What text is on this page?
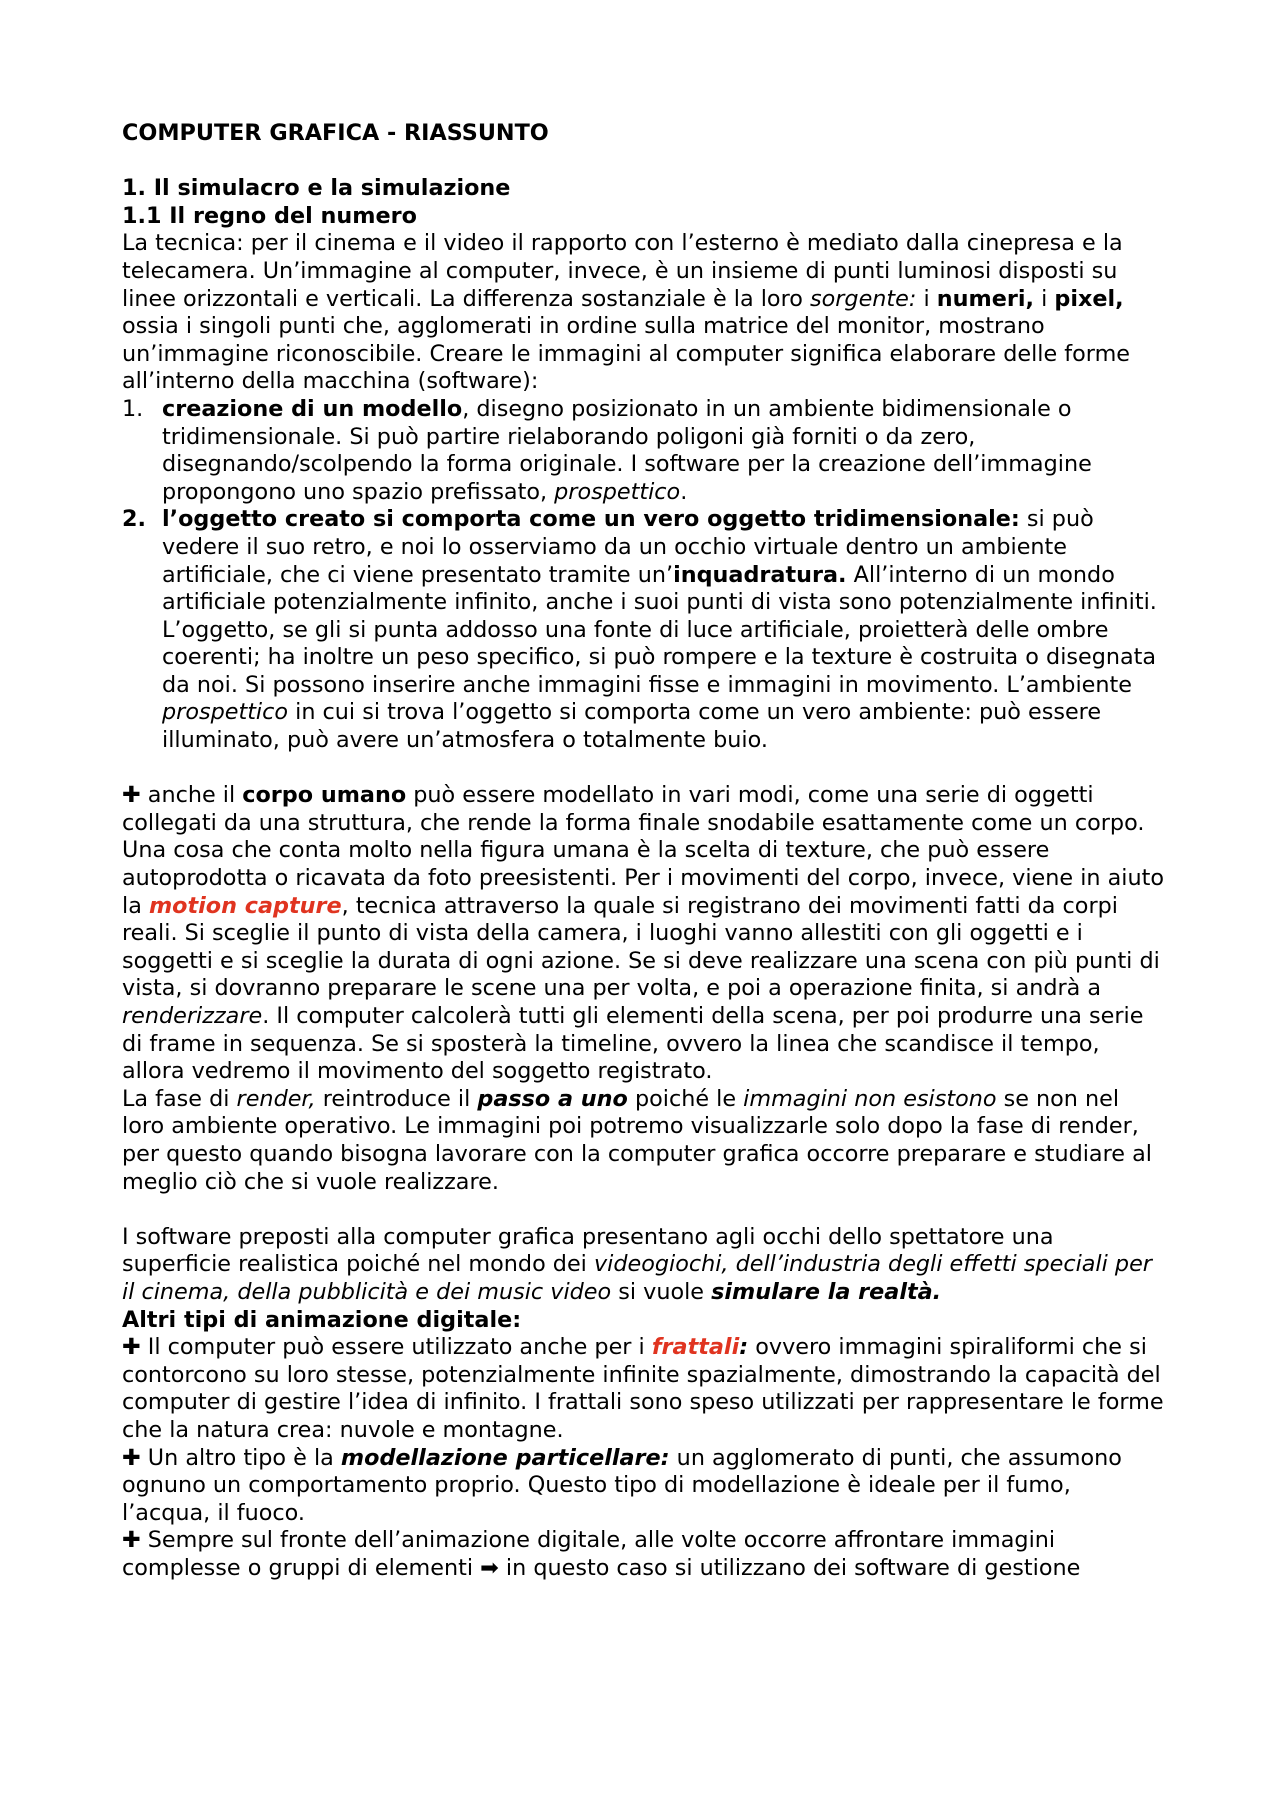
COMPUTER GRAFICA - RIASSUNTO

1. Il simulacro e la simulazione

1.1 Il regno del numero

La tecnica: per il cinema e il video il rapporto con l’esterno è mediato dalla cinepresa e la telecamera. Un’immagine al computer, invece, è un insieme di punti luminosi disposti su linee orizzontali e verticali. La differenza sostanziale è la loro sorgente: i numeri, i pixel, ossia i singoli punti che, agglomerati in ordine sulla matrice del monitor, mostrano un’immagine riconoscibile. Creare le immagini al computer significa elaborare delle forme all’interno della macchina (software):

1. creazione di un modello, disegno posizionato in un ambiente bidimensionale o tridimensionale. Si può partire rielaborando poligoni già forniti o da zero, disegnando/scolpendo la forma originale. I software per la creazione dell’immagine propongono uno spazio prefissato, prospettico.
2. l’oggetto creato si comporta come un vero oggetto tridimensionale: si può vedere il suo retro, e noi lo osserviamo da un occhio virtuale dentro un ambiente artificiale, che ci viene presentato tramite un’inquadratura. All’interno di un mondo artificiale potenzialmente infinito, anche i suoi punti di vista sono potenzialmente infiniti. L’oggetto, se gli si punta addosso una fonte di luce artificiale, proietterà delle ombre coerenti; ha inoltre un peso specifico, si può rompere e la texture è costruita o disegnata da noi. Si possono inserire anche immagini fisse e immagini in movimento. L’ambiente prospettico in cui si trova l’oggetto si comporta come un vero ambiente: può essere illuminato, può avere un’atmosfera o totalmente buio.

✚ anche il corpo umano può essere modellato in vari modi, come una serie di oggetti collegati da una struttura, che rende la forma finale snodabile esattamente come un corpo. Una cosa che conta molto nella figura umana è la scelta di texture, che può essere autoprodotta o ricavata da foto preesistenti. Per i movimenti del corpo, invece, viene in aiuto la motion capture, tecnica attraverso la quale si registrano dei movimenti fatti da corpi reali. Si sceglie il punto di vista della camera, i luoghi vanno allestiti con gli oggetti e i soggetti e si sceglie la durata di ogni azione. Se si deve realizzare una scena con più punti di vista, si dovranno preparare le scene una per volta, e poi a operazione finita, si andrà a renderizzare. Il computer calcolerà tutti gli elementi della scena, per poi produrre una serie di frame in sequenza. Se si sposterà la timeline, ovvero la linea che scandisce il tempo, allora vedremo il movimento del soggetto registrato.

La fase di render, reintroduce il passo a uno poiché le immagini non esistono se non nel loro ambiente operativo. Le immagini poi potremo visualizzarle solo dopo la fase di render, per questo quando bisogna lavorare con la computer grafica occorre preparare e studiare al meglio ciò che si vuole realizzare.

I software preposti alla computer grafica presentano agli occhi dello spettatore una superficie realistica poiché nel mondo dei videogiochi, dell’industria degli effetti speciali per il cinema, della pubblicità e dei music video si vuole simulare la realtà.

Altri tipi di animazione digitale:

✚ Il computer può essere utilizzato anche per i frattali: ovvero immagini spiraliformi che si contorcono su loro stesse, potenzialmente infinite spazialmente, dimostrando la capacità del computer di gestire l’idea di infinito. I frattali sono speso utilizzati per rappresentare le forme che la natura crea: nuvole e montagne.

✚ Un altro tipo è la modellazione particellare: un agglomerato di punti, che assumono ognuno un comportamento proprio. Questo tipo di modellazione è ideale per il fumo, l’acqua, il fuoco.

✚ Sempre sul fronte dell’animazione digitale, alle volte occorre affrontare immagini complesse o gruppi di elementi ➡ in questo caso si utilizzano dei software di gestione
